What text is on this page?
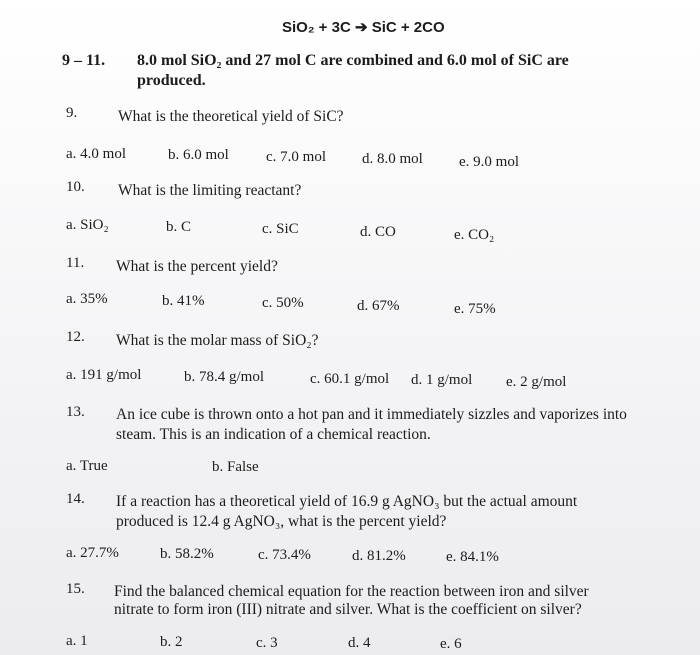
SiO₂ + 3C ➔ SiC + 2CO
9 – 11. 8.0 mol SiO₂ and 27 mol C are combined and 6.0 mol of SiC are
produced.
9.	What is the theoretical yield of SiC?
a. 4.0 mol	b. 6.0 mol c. 7.0 mol d. 8.0 mol e. 9.0 mol
10. What is the limiting reactant?
a. SiO₂	b. C	c. SiC	d. CO	e. CO₂
11. What is the percent yield?
a. 35%	b. 41%	c. 50%	d. 67%	e. 75%
12. What is the molar mass of SiO₂?
a. 191 g/mol	b. 78.4 g/mol	c. 60.1 g/mol d. 1 g/mol e. 2 g/mol
13. An ice cube is thrown onto a hot pan and it immediately sizzles and vaporizes into
steam. This is an indication of a chemical reaction.
a. True	b. False
14. If a reaction has a theoretical yield of 16.9 g AgNO₃ but the actual amount
produced is 12.4 g AgNO₃, what is the percent yield?
a. 27.7%	b. 58.2%	c. 73.4%	d. 81.2%	e. 84.1%
15. Find the balanced chemical equation for the reaction between iron and silver
nitrate to form iron (III) nitrate and silver. What is the coefficient on silver?
a. 1	b. 2	c. 3	d. 4	e. 6
